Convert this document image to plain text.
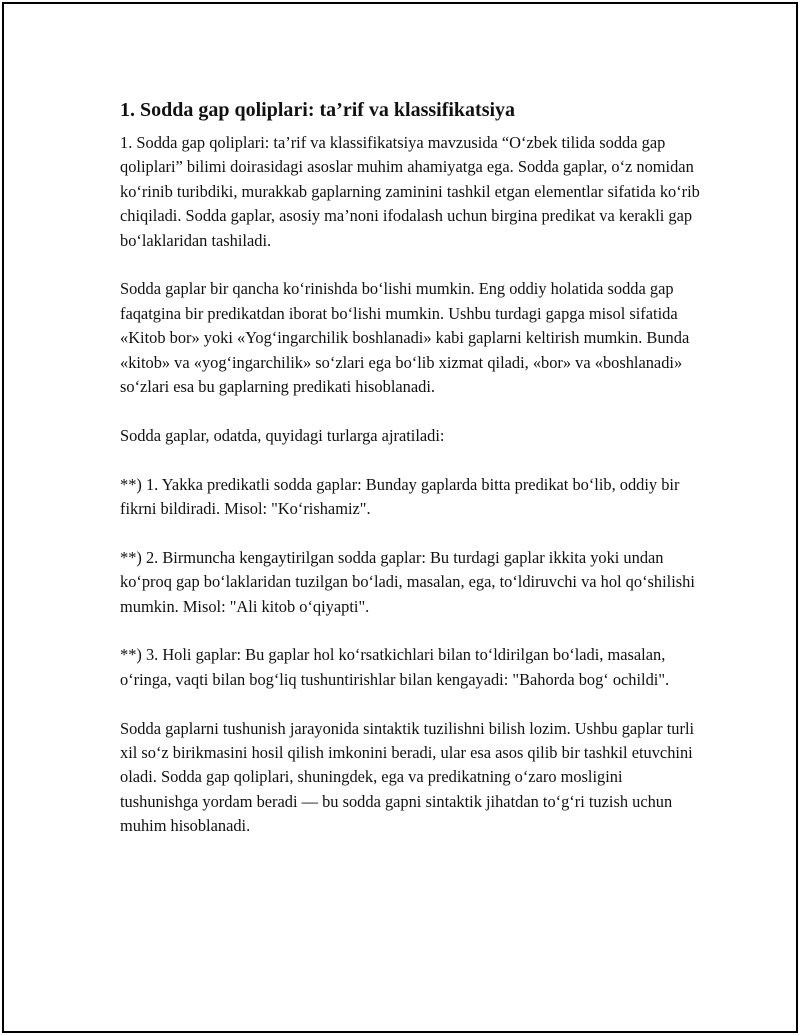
1. Sodda gap qoliplari: ta’rif va klassifikatsiya

1. Sodda gap qoliplari: ta’rif va klassifikatsiya mavzusida “O‘zbek tilida sodda gap qoliplari” bilimi doirasidagi asoslar muhim ahamiyatga ega. Sodda gaplar, o‘z nomidan ko‘rinib turibdiki, murakkab gaplarning zaminini tashkil etgan elementlar sifatida ko‘rib chiqiladi. Sodda gaplar, asosiy ma’noni ifodalash uchun birgina predikat va kerakli gap bo‘laklaridan tashiladi.

Sodda gaplar bir qancha ko‘rinishda bo‘lishi mumkin. Eng oddiy holatida sodda gap faqatgina bir predikatdan iborat bo‘lishi mumkin. Ushbu turdagi gapga misol sifatida «Kitob bor» yoki «Yog‘ingarchilik boshlanadi» kabi gaplarni keltirish mumkin. Bunda «kitob» va «yog‘ingarchilik» so‘zlari ega bo‘lib xizmat qiladi, «bor» va «boshlanadi» so‘zlari esa bu gaplarning predikati hisoblanadi.

Sodda gaplar, odatda, quyidagi turlarga ajratiladi:

**) 1. Yakka predikatli sodda gaplar: Bunday gaplarda bitta predikat bo‘lib, oddiy bir fikrni bildiradi. Misol: "Ko‘rishamiz".

**) 2. Birmuncha kengaytirilgan sodda gaplar: Bu turdagi gaplar ikkita yoki undan ko‘proq gap bo‘laklaridan tuzilgan bo‘ladi, masalan, ega, to‘ldiruvchi va hol qo‘shilishi mumkin. Misol: "Ali kitob o‘qiyapti".

**) 3. Holi gaplar: Bu gaplar hol ko‘rsatkichlari bilan to‘ldirilgan bo‘ladi, masalan, o‘ringa, vaqti bilan bog‘liq tushuntirishlar bilan kengayadi: "Bahorda bog‘ ochildi".

Sodda gaplarni tushunish jarayonida sintaktik tuzilishni bilish lozim. Ushbu gaplar turli xil so‘z birikmasini hosil qilish imkonini beradi, ular esa asos qilib bir tashkil etuvchini oladi. Sodda gap qoliplari, shuningdek, ega va predikatning o‘zaro mosligini tushunishga yordam beradi — bu sodda gapni sintaktik jihatdan to‘g‘ri tuzish uchun muhim hisoblanadi.
